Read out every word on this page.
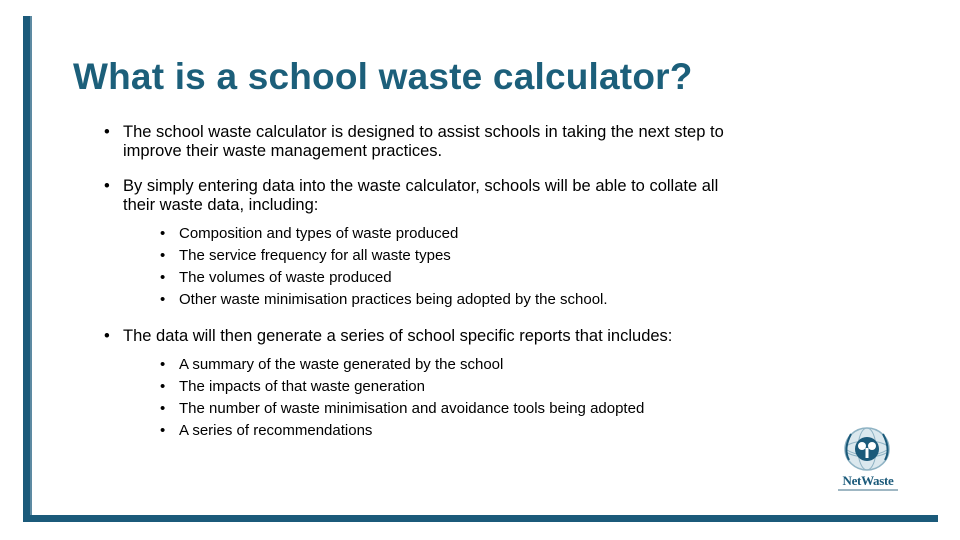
What is a school waste calculator?
• The school waste calculator is designed to assist schools in taking the next step to improve their waste management practices.
• By simply entering data into the waste calculator, schools will be able to collate all their waste data, including:
• Composition and types of waste produced
• The service frequency for all waste types
• The volumes of waste produced
• Other waste minimisation practices being adopted by the school.
• The data will then generate a series of school specific reports that includes:
• A summary of the waste generated by the school
• The impacts of that waste generation
• The number of waste minimisation and avoidance tools being adopted
• A series of recommendations
NetWaste
